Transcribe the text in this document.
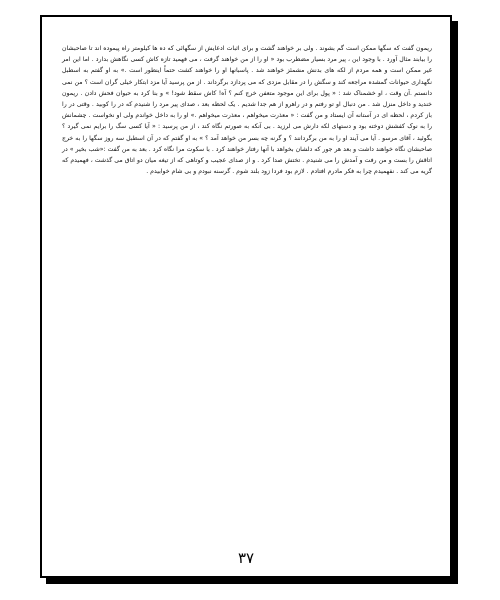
ریمون گفت که سگها ممکن است گم بشوند . ولی بر خواهند گشت و برای اثبات ادعایش از سگهائی که ده ها کیلومتر راه پیموده اند تا صاحبشان را بیابند مثال آورد . با وجود این ، پیر مرد بسیار مضطرب بود « او را از من خواهند گرفت ، می فهمید تازه کاش کسی نگاهش بدارد . اما این امر غیر ممکن است و همه مردم از لکه های بدنش مشمئز خواهند شد . پاسبانها او را خواهند کشت حتماً اینطور است .» به او گفتم به اسطبل نگهداری حیوانات گمشده مراجعه کند و سگش را در مقابل مزدی که می پردازد برگرداند . از من پرسید آیا مزد ابتکار خیلی گران است ؟ من نمی دانستم .آن وقت ، او خشمناک شد : « پول برای این موجود متعفن خرج کنم ؟ آه! کاش سقط شود! » و بنا کرد به حیوان فحش دادن . ریمون خندید و داخل منزل شد . من دنبال او تو رفتم و در راهرو از هم جدا شدیم . یک لحظه بعد ، صدای پیر مرد را شنیدم که در را کوبید . وقتی در را باز کردم ، لحظه ای در آستانه آن ایستاد و من گفت : « معذرت میخواهم ، معذرت میخواهم .» او را به داخل خواندم ولی او نخواست . چشمانش را به نوک کفشش دوخته بود و دستهای لکه دارش می لرزید . بی آنکه به صورتم نگاه کند ، از من پرسید : « آیا کسی سگ را برایم نمی گیرد ؟ بگوئید ، آقای مرسو . آیا می آیند او را به من برگردانند ؟ و گرنه چه بسر من خواهد آمد ؟ » به او گفتم که در آن اسطبل سه روز سگها را به خرج صاحبشان نگاه خواهند داشت و بعد هر جور که دلشان بخواهد با آنها رفتار خواهند کرد . با سکوت مرا نگاه کرد . بعد به من گفت :«شب بخیر » در اتاقش را بست و من رفت و آمدش را می شنیدم . تختش صدا کرد . و از صدای عجیب و کوتاهی که از تیغه میان دو اتاق می گذشت ، فهمیدم که گریه می کند . نفهمیدم چرا به فکر مادرم افتادم . لازم بود فردا زود بلند شوم . گرسنه نبودم و بی شام خوابیدم .

۳۷
